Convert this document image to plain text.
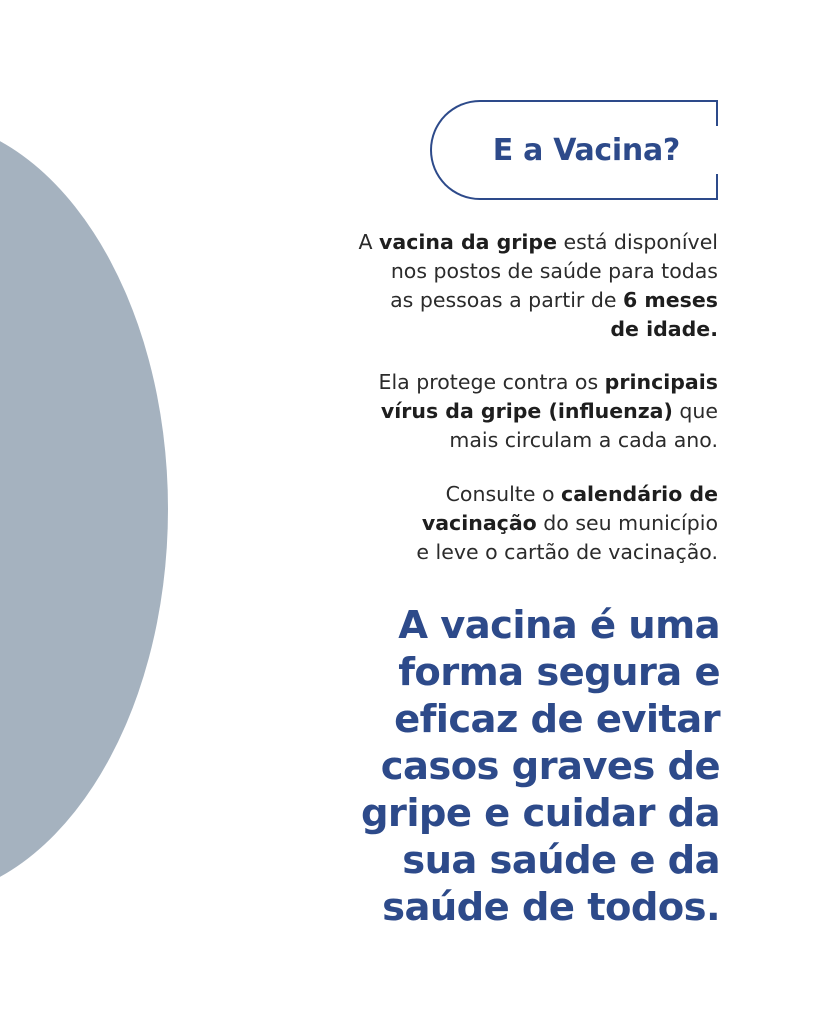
E a Vacina?

A vacina da gripe está disponível
nos postos de saúde para todas
as pessoas a partir de 6 meses
de idade.

Ela protege contra os principais
vírus da gripe (influenza) que
mais circulam a cada ano.

Consulte o calendário de
vacinação do seu município
e leve o cartão de vacinação.

A vacina é uma
forma segura e
eficaz de evitar
casos graves de
gripe e cuidar da
sua saúde e da
saúde de todos.
